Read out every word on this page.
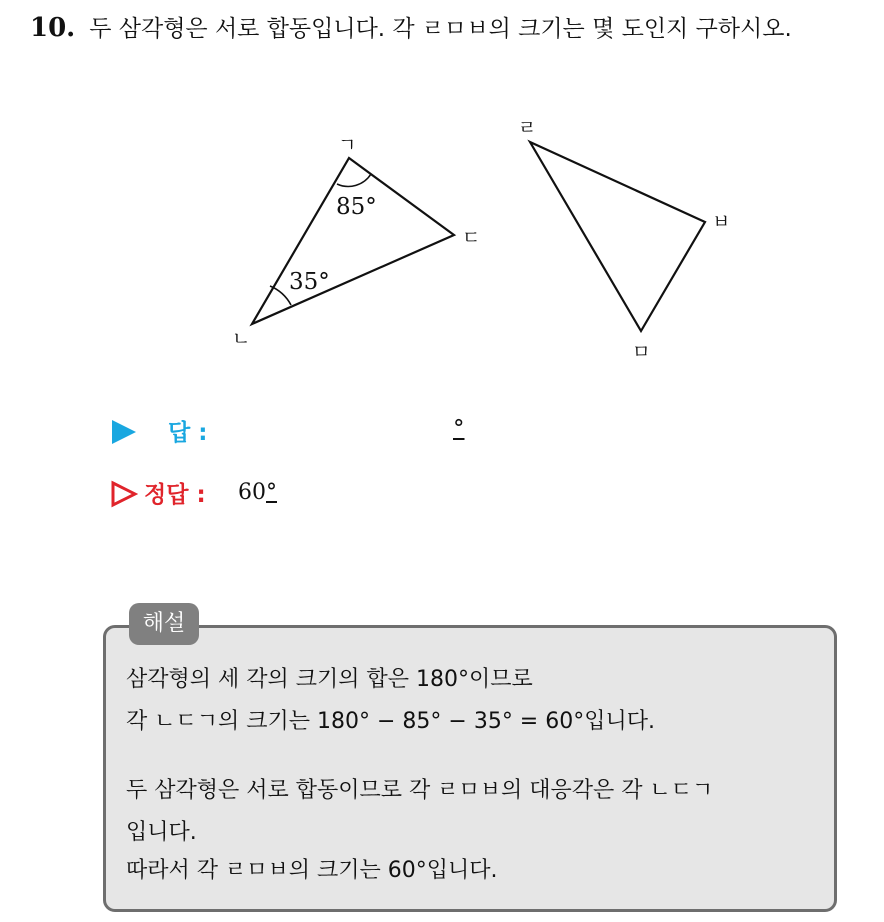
10. 두 삼각형은 서로 합동입니다. 각 ㄹㅁㅂ의 크기는 몇 도인지 구하시오.
ㄱ
ㄴ
ㄷ
85°
35°
ㄹ
ㅁ
ㅂ
답 :	°
정답 : 60°
해설
삼각형의 세 각의 크기의 합은 180°이므로
각 ㄴㄷㄱ의 크기는 180° − 85° − 35° = 60°입니다.
두 삼각형은 서로 합동이므로 각 ㄹㅁㅂ의 대응각은 각 ㄴㄷㄱ
입니다.
따라서 각 ㄹㅁㅂ의 크기는 60°입니다.
